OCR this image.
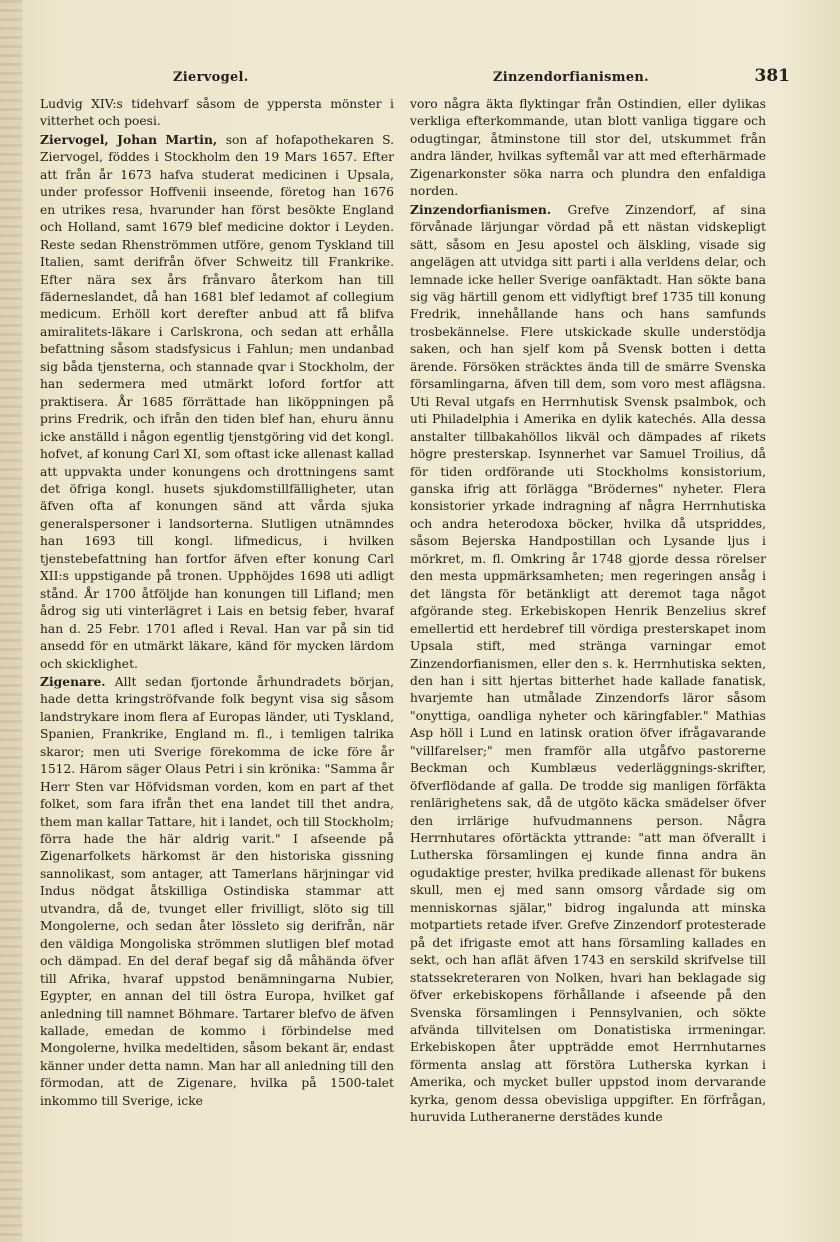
Ziervogel.	Zinzendorfianismen.	381

Ludvig XIV:s tidehvarf såsom de yppersta mönster i vitterhet och poesi.

Ziervogel, Johan Martin, son af hofapothekaren S. Ziervogel, föddes i Stockholm den 19 Mars 1657. Efter att från år 1673 hafva studerat medicinen i Upsala, under professor Hoffvenii inseende, företog han 1676 en utrikes resa, hvarunder han först besökte England och Holland, samt 1679 blef medicine doktor i Leyden. Reste sedan Rhenströmmen utföre, genom Tyskland till Italien, samt derifrån öfver Schweitz till Frankrike. Efter nära sex års frånvaro återkom han till fäderneslandet, då han 1681 blef ledamot af collegium medicum. Erhöll kort derefter anbud att få blifva amiralitets-läkare i Carlskrona, och sedan att erhålla befattning såsom stadsfysicus i Fahlun; men undanbad sig båda tjensterna, och stannade qvar i Stockholm, der han sedermera med utmärkt loford fortfor att praktisera. År 1685 förrättade han liköppningen på prins Fredrik, och ifrån den tiden blef han, ehuru ännu icke anställd i någon egentlig tjenstgöring vid det kongl. hofvet, af konung Carl XI, som oftast icke allenast kallad att uppvakta under konungens och drottningens samt det öfriga kongl. husets sjukdomstillfälligheter, utan äfven ofta af konungen sänd att vårda sjuka generalspersoner i landsorterna. Slutligen utnämndes han 1693 till kongl. lifmedicus, i hvilken tjenstebefattning han fortfor äfven efter konung Carl XII:s uppstigande på tronen. Upphöjdes 1698 uti adligt stånd. År 1700 åtföljde han konungen till Lifland; men ådrog sig uti vinterlägret i Lais en betsig feber, hvaraf han d. 25 Febr. 1701 afled i Reval. Han var på sin tid ansedd för en utmärkt läkare, känd för mycken lärdom och skicklighet.

Zigenare. Allt sedan fjortonde århundradets början, hade detta kringströfvande folk begynt visa sig såsom landstrykare inom flera af Europas länder, uti Tyskland, Spanien, Frankrike, England m. fl., i temligen talrika skaror; men uti Sverige förekomma de icke före år 1512. Härom säger Olaus Petri i sin krönika: "Samma år Herr Sten var Höfvidsman vorden, kom en part af thet folket, som fara ifrån thet ena landet till thet andra, them man kallar Tattare, hit i landet, och till Stockholm; förra hade the här aldrig varit." I afseende på Zigenarfolkets härkomst är den historiska gissning sannolikast, som antager, att Tamerlans härjningar vid Indus nödgat åtskilliga Ostindiska stammar att utvandra, då de, tvunget eller frivilligt, slöto sig till Mongolerne, och sedan åter lössleto sig derifrån, när den väldiga Mongoliska strömmen slutligen blef motad och dämpad. En del deraf begaf sig då måhända öfver till Afrika, hvaraf uppstod benämningarna Nubier, Egypter, en annan del till östra Europa, hvilket gaf anledning till namnet Böhmare. Tartarer blefvo de äfven kallade, emedan de kommo i förbindelse med Mongolerne, hvilka medeltiden, såsom bekant är, endast känner under detta namn. Man har all anledning till den förmodan, att de Zigenare, hvilka på 1500-talet inkommo till Sverige, icke

voro några äkta flyktingar från Ostindien, eller dylikas verkliga efterkommande, utan blott vanliga tiggare och odugtingar, åtminstone till stor del, utskummet från andra länder, hvilkas syftemål var att med efterhärmade Zigenarkonster söka narra och plundra den enfaldiga norden.

Zinzendorfianismen. Grefve Zinzendorf, af sina förvånade lärjungar vördad på ett nästan vidskepligt sätt, såsom en Jesu apostel och älskling, visade sig angelägen att utvidga sitt parti i alla verldens delar, och lemnade icke heller Sverige oanfäktadt. Han sökte bana sig väg härtill genom ett vidlyftigt bref 1735 till konung Fredrik, innehållande hans och hans samfunds trosbekännelse. Flere utskickade skulle understödja saken, och han sjelf kom på Svensk botten i detta ärende. Försöken sträcktes ända till de smärre Svenska församlingarna, äfven till dem, som voro mest aflägsna. Uti Reval utgafs en Herrnhutisk Svensk psalmbok, och uti Philadelphia i Amerika en dylik katechés. Alla dessa anstalter tillbakahöllos likväl och dämpades af rikets högre presterskap. Isynnerhet var Samuel Troilius, då för tiden ordförande uti Stockholms konsistorium, ganska ifrig att förlägga "Brödernes" nyheter. Flera konsistorier yrkade indragning af några Herrnhutiska och andra heterodoxa böcker, hvilka då utspriddes, såsom Bejerska Handpostillan och Lysande ljus i mörkret, m. fl. Omkring år 1748 gjorde dessa rörelser den mesta uppmärksamheten; men regeringen ansåg i det längsta för betänkligt att deremot taga något afgörande steg. Erkebiskopen Henrik Benzelius skref emellertid ett herdebref till vördiga presterskapet inom Upsala stift, med stränga varningar emot Zinzendorfianismen, eller den s. k. Herrnhutiska sekten, den han i sitt hjertas bitterhet hade kallade fanatisk, hvarjemte han utmålade Zinzendorfs läror såsom "onyttiga, oandliga nyheter och käringfabler." Mathias Asp höll i Lund en latinsk oration öfver ifrågavarande "villfarelser;" men framför alla utgåfvo pastorerne Beckman och Kumblæus vederläggnings-skrifter, öfverflödande af galla. De trodde sig manligen förfäkta renlärighetens sak, då de utgöto käcka smädelser öfver den irrlärige hufvudmannens person. Några Herrnhutares oförtäckta yttrande: "att man öfverallt i Lutherska församlingen ej kunde finna andra än ogudaktige prester, hvilka predikade allenast för bukens skull, men ej med sann omsorg vårdade sig om menniskornas själar," bidrog ingalunda att minska motpartiets retade ifver. Grefve Zinzendorf protesterade på det ifrigaste emot att hans församling kallades en sekt, och han aflät äfven 1743 en serskild skrifvelse till statssekreteraren von Nolken, hvari han beklagade sig öfver erkebiskopens förhållande i afseende på den Svenska församlingen i Pennsylvanien, och sökte afvända tillvitelsen om Donatistiska irrmeningar. Erkebiskopen åter uppträdde emot Herrnhutarnes förmenta anslag att förstöra Lutherska kyrkan i Amerika, och mycket buller uppstod inom dervarande kyrka, genom dessa obevisliga uppgifter. En förfrågan, huruvida Lutheranerne derstädes kunde
